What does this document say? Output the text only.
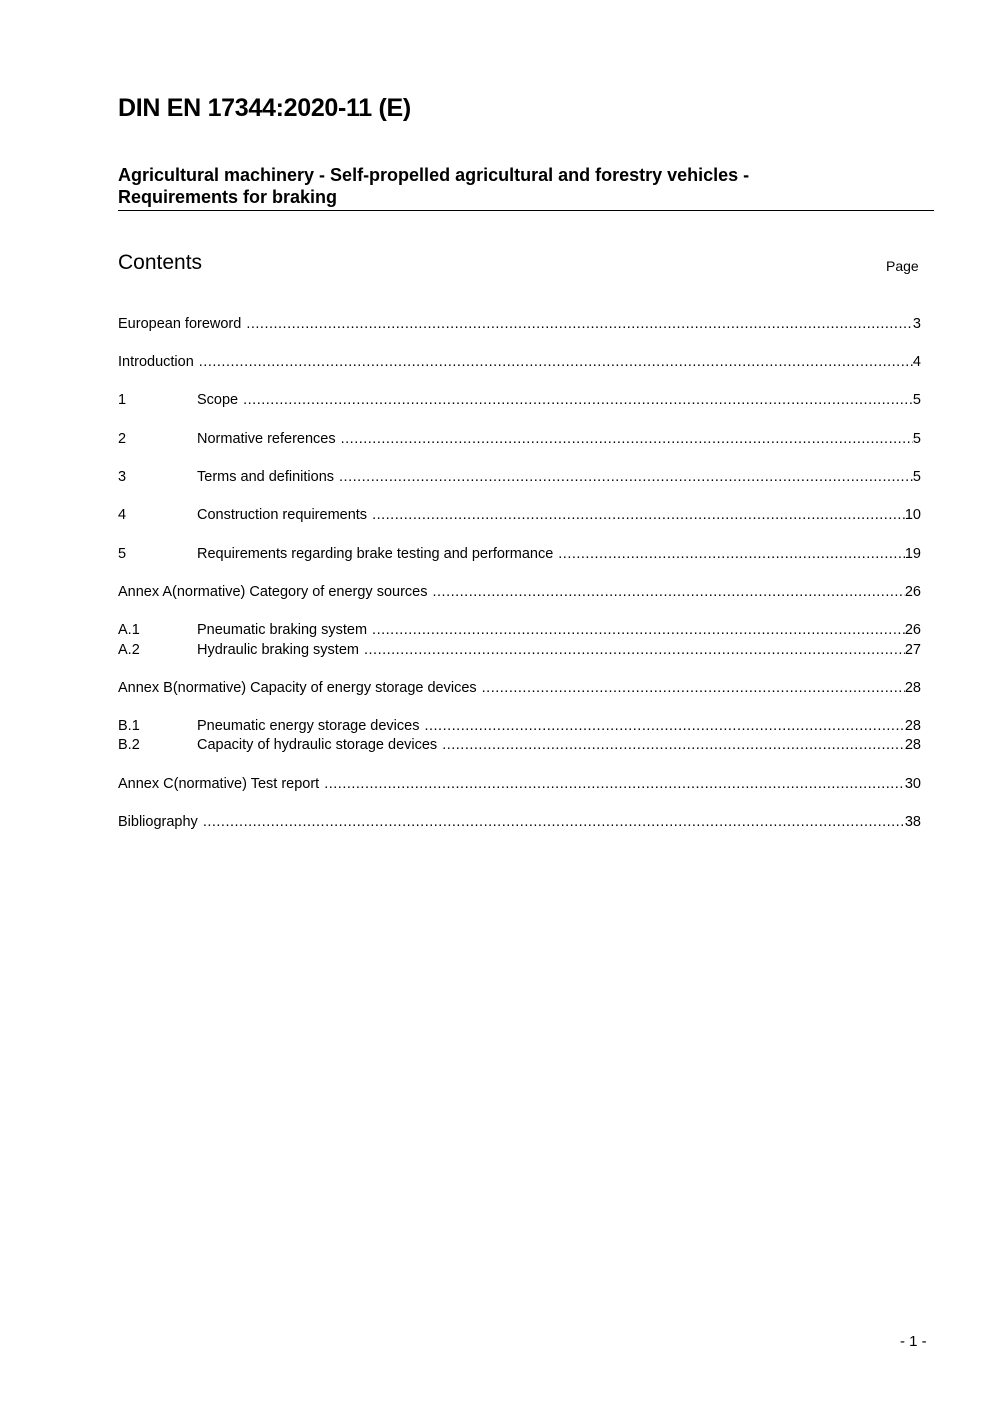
DIN EN 17344:2020-11 (E)
Agricultural machinery - Self-propelled agricultural and forestry vehicles -
Requirements for braking
Contents	Page
European foreword .....	3
Introduction .....	4
1	Scope .....	5
2	Normative references .....	5
3	Terms and definitions .....	5
4	Construction requirements .....	10
5	Requirements regarding brake testing and performance .....	19
Annex A(normative) Category of energy sources .....	26
A.1	Pneumatic braking system .....	26
A.2	Hydraulic braking system .....	27
Annex B(normative) Capacity of energy storage devices .....	28
B.1	Pneumatic energy storage devices .....	28
B.2	Capacity of hydraulic storage devices .....	28
Annex C(normative) Test report .....	30
Bibliography .....	38
- 1 -
